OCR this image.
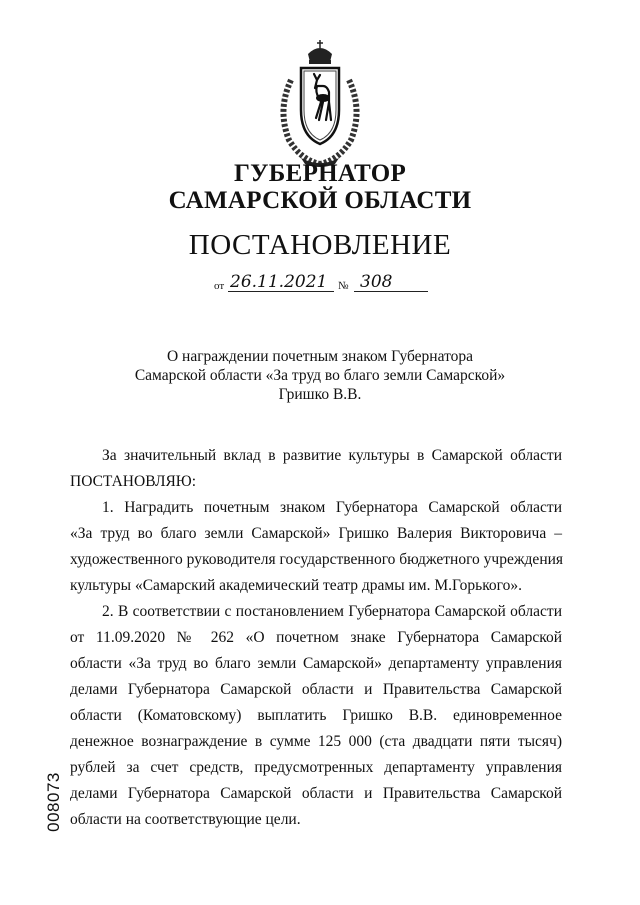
ГУБЕРНАТОР
САМАРСКОЙ ОБЛАСТИ
ПОСТАНОВЛЕНИЕ
от 26.11.2021 № 308
О награждении почетным знаком Губернатора
Самарской области «За труд во благо земли Самарской»
Гришко В.В.
За значительный вклад в развитие культуры в Самарской области
ПОСТАНОВЛЯЮ:
1. Наградить почетным знаком Губернатора Самарской области
«За труд во благо земли Самарской» Гришко Валерия Викторовича –
художественного руководителя государственного бюджетного учреждения
культуры «Самарский академический театр драмы им. М.Горького».
2. В соответствии с постановлением Губернатора Самарской области
от 11.09.2020 № 262 «О почетном знаке Губернатора Самарской
области «За труд во благо земли Самарской» департаменту управления
делами Губернатора Самарской области и Правительства Самарской
области (Коматовскому) выплатить Гришко В.В. единовременное
денежное вознаграждение в сумме 125 000 (ста двадцати пяти тысяч)
рублей за счет средств, предусмотренных департаменту управления
делами Губернатора Самарской области и Правительства Самарской
области на соответствующие цели.
008073
